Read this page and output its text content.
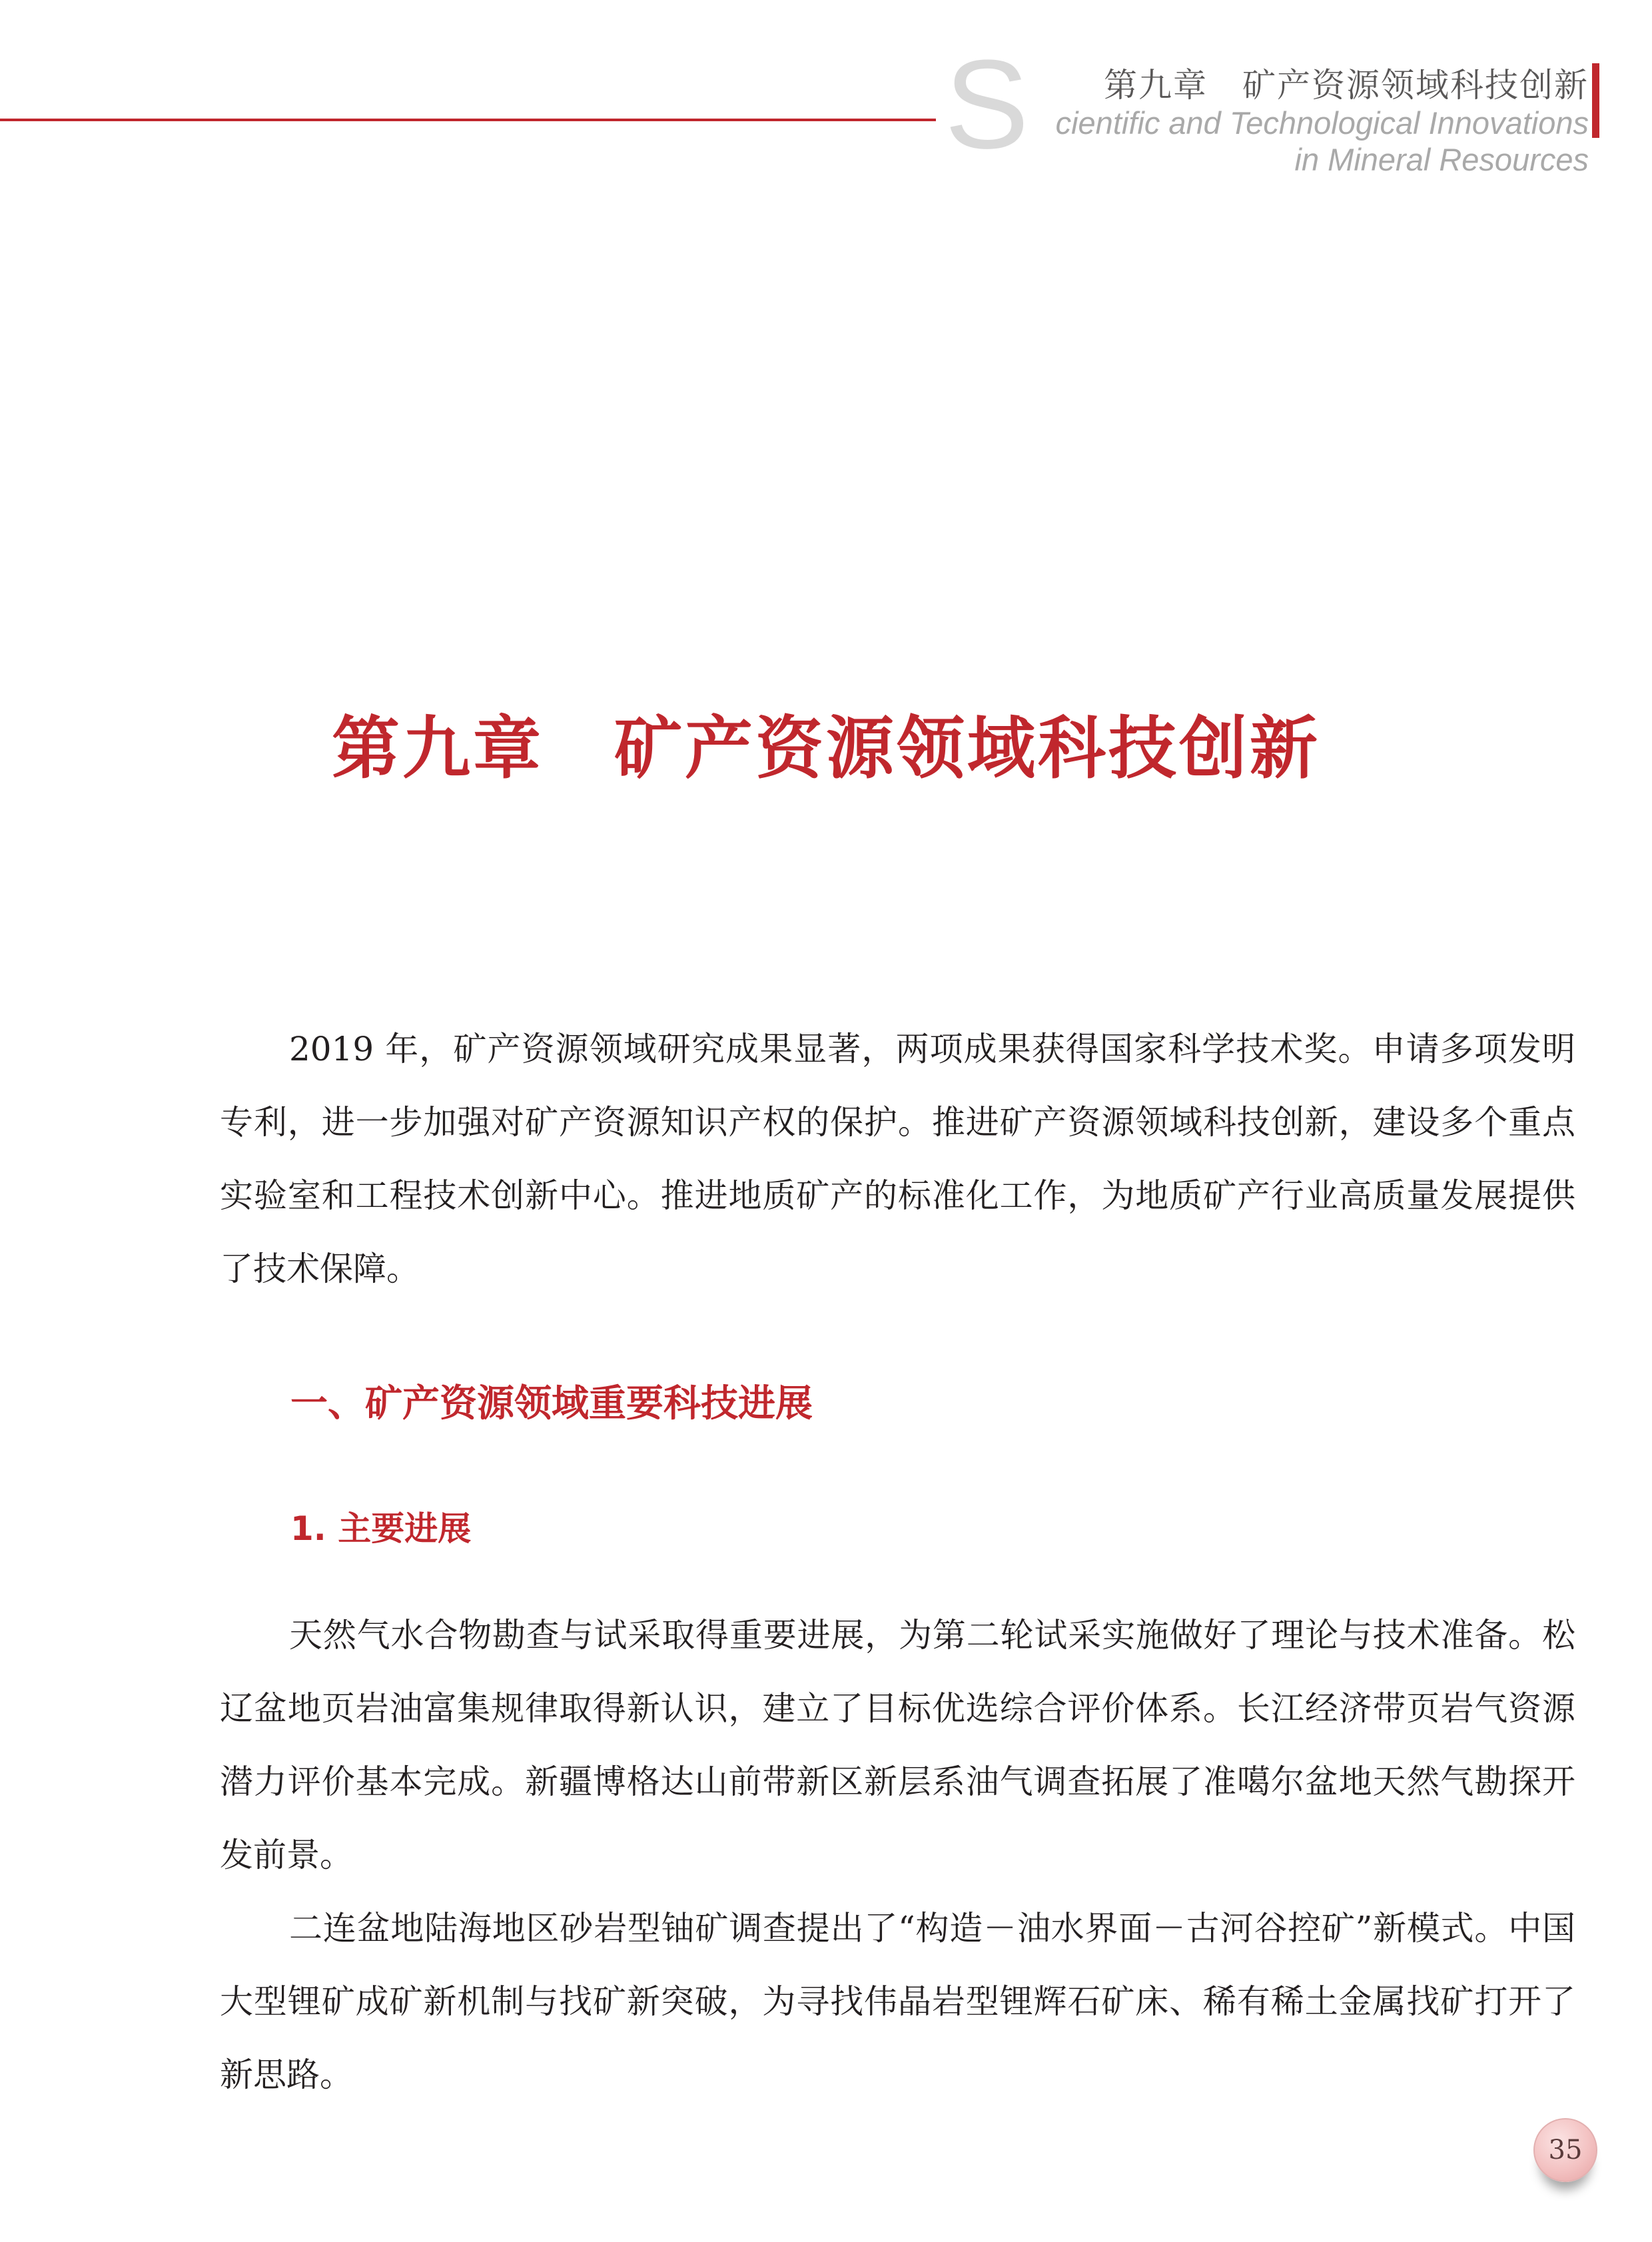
S 第九章　矿产资源领域科技创新
cientific and Technological Innovations
in Mineral Resources
第九章　矿产资源领域科技创新

2019 年，矿产资源领域研究成果显著，两项成果获得国家科学技术奖。申请多项发明专利，进一步加强对矿产资源知识产权的保护。推进矿产资源领域科技创新，建设多个重点实验室和工程技术创新中心。推进地质矿产的标准化工作，为地质矿产行业高质量发展提供了技术保障。

一、矿产资源领域重要科技进展
1. 主要进展

天然气水合物勘查与试采取得重要进展，为第二轮试采实施做好了理论与技术准备。松辽盆地页岩油富集规律取得新认识，建立了目标优选综合评价体系。长江经济带页岩气资源潜力评价基本完成。新疆博格达山前带新区新层系油气调查拓展了准噶尔盆地天然气勘探开发前景。

二连盆地陆海地区砂岩型铀矿调查提出了“构造－油水界面－古河谷控矿”新模式。中国大型锂矿成矿新机制与找矿新突破，为寻找伟晶岩型锂辉石矿床、稀有稀土金属找矿打开了新思路。

35
